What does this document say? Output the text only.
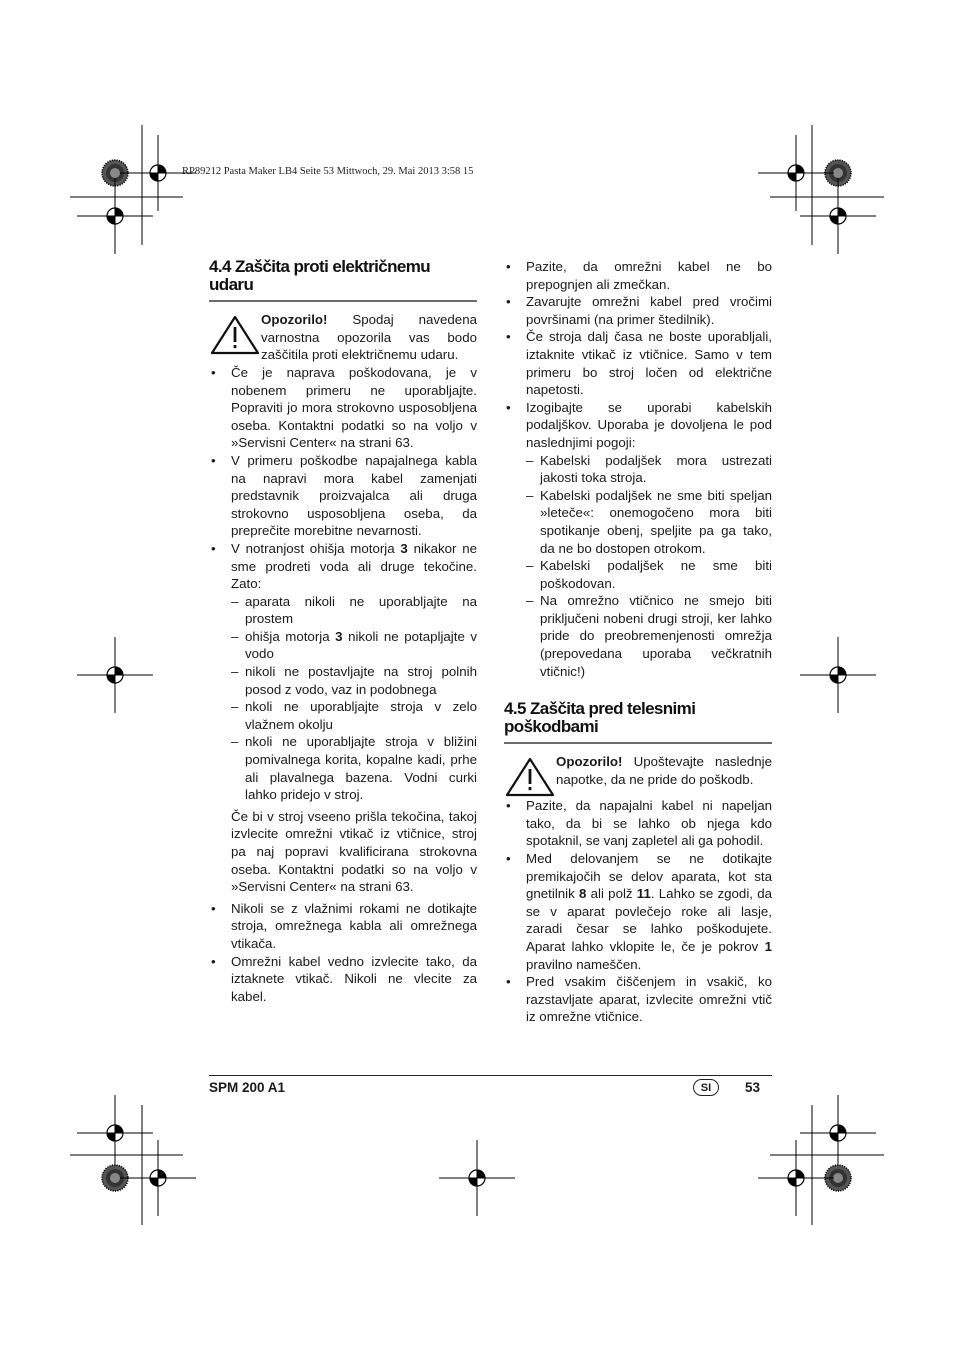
RP89212 Pasta Maker LB4 Seite 53 Mittwoch, 29. Mai 2013 3:58 15
4.4 Zaščita proti električnemu udaru
Opozorilo! Spodaj navedena varnostna opozorila vas bodo zaščitila proti električnemu udaru.
• Če je naprava poškodovana, je v nobenem primeru ne uporabljajte. Popraviti jo mora strokovno usposobljena oseba. Kontaktni podatki so na voljo v »Servisni Center« na strani 63.
• V primeru poškodbe napajalnega kabla na napravi mora kabel zamenjati predstavnik proizvajalca ali druga strokovno usposobljena oseba, da preprečite morebitne nevarnosti.
• V notranjost ohišja motorja 3 nikakor ne sme prodreti voda ali druge tekočine. Zato:
– aparata nikoli ne uporabljajte na prostem
– ohišja motorja 3 nikoli ne potapljajte v vodo
– nikoli ne postavljajte na stroj polnih posod z vodo, vaz in podobnega
– nkoli ne uporabljajte stroja v zelo vlažnem okolju
– nkoli ne uporabljajte stroja v bližini pomivalnega korita, kopalne kadi, prhe ali plavalnega bazena. Vodni curki lahko pridejo v stroj.

Če bi v stroj vseeno prišla tekočina, takoj izvlecite omrežni vtikač iz vtičnice, stroj pa naj popravi kvalificirana strokovna oseba. Kontaktni podatki so na voljo v »Servisni Center« na strani 63.

• Nikoli se z vlažnimi rokami ne dotikajte stroja, omrežnega kabla ali omrežnega vtikača.
• Omrežni kabel vedno izvlecite tako, da iztaknete vtikač. Nikoli ne vlecite za kabel.
• Pazite, da omrežni kabel ne bo prepognjen ali zmečkan.
• Zavarujte omrežni kabel pred vročimi površinami (na primer štedilnik).
• Če stroja dalj časa ne boste uporabljali, iztaknite vtikač iz vtičnice. Samo v tem primeru bo stroj ločen od električne napetosti.
• Izogibajte se uporabi kabelskih podaljškov. Uporaba je dovoljena le pod naslednjimi pogoji:
– Kabelski podaljšek mora ustrezati jakosti toka stroja.
– Kabelski podaljšek ne sme biti speljan »leteče«: onemogočeno mora biti spotikanje obenj, speljite pa ga tako, da ne bo dostopen otrokom.
– Kabelski podaljšek ne sme biti poškodovan.
– Na omrežno vtičnico ne smejo biti priključeni nobeni drugi stroji, ker lahko pride do preobremenjenosti omrežja (prepovedana uporaba večkratnih vtičnic!)
4.5 Zaščita pred telesnimi poškodbami
Opozorilo! Upoštevajte naslednje napotke, da ne pride do poškodb.
• Pazite, da napajalni kabel ni napeljan tako, da bi se lahko ob njega kdo spotaknil, se vanj zapletel ali ga pohodil.
• Med delovanjem se ne dotikajte premikajočih se delov aparata, kot sta gnetilnik 8 ali polž 11. Lahko se zgodi, da se v aparat povlečejo roke ali lasje, zaradi česar se lahko poškodujete. Aparat lahko vklopite le, če je pokrov 1 pravilno nameščen.
• Pred vsakim čiščenjem in vsakič, ko razstavljate aparat, izvlecite omrežni vtič iz omrežne vtičnice.
SPM 200 A1	SI	53
